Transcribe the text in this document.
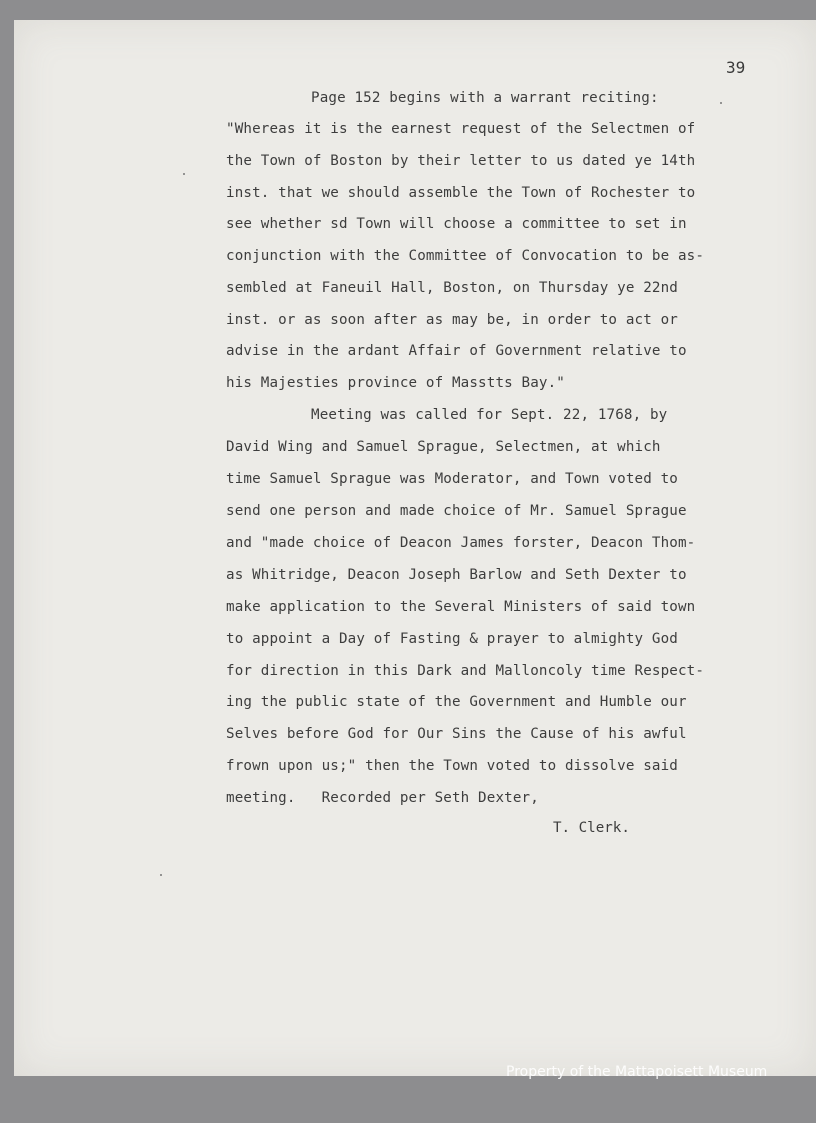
39
Page 152 begins with a warrant reciting:
"Whereas it is the earnest request of the Selectmen of
the Town of Boston by their letter to us dated ye 14th
inst. that we should assemble the Town of Rochester to
see whether sd Town will choose a committee to set in
conjunction with the Committee of Convocation to be as-
sembled at Faneuil Hall, Boston, on Thursday ye 22nd
inst. or as soon after as may be, in order to act or
advise in the ardant Affair of Government relative to
his Majesties province of Masstts Bay."
Meeting was called for Sept. 22, 1768, by
David Wing and Samuel Sprague, Selectmen, at which
time Samuel Sprague was Moderator, and Town voted to
send one person and made choice of Mr. Samuel Sprague
and "made choice of Deacon James forster, Deacon Thom-
as Whitridge, Deacon Joseph Barlow and Seth Dexter to
make application to the Several Ministers of said town
to appoint a Day of Fasting & prayer to almighty God
for direction in this Dark and Malloncoly time Respect-
ing the public state of the Government and Humble our
Selves before God for Our Sins the Cause of his awful
frown upon us;" then the Town voted to dissolve said
meeting.   Recorded per Seth Dexter,
T. Clerk.
Property of the Mattapoisett Museum
